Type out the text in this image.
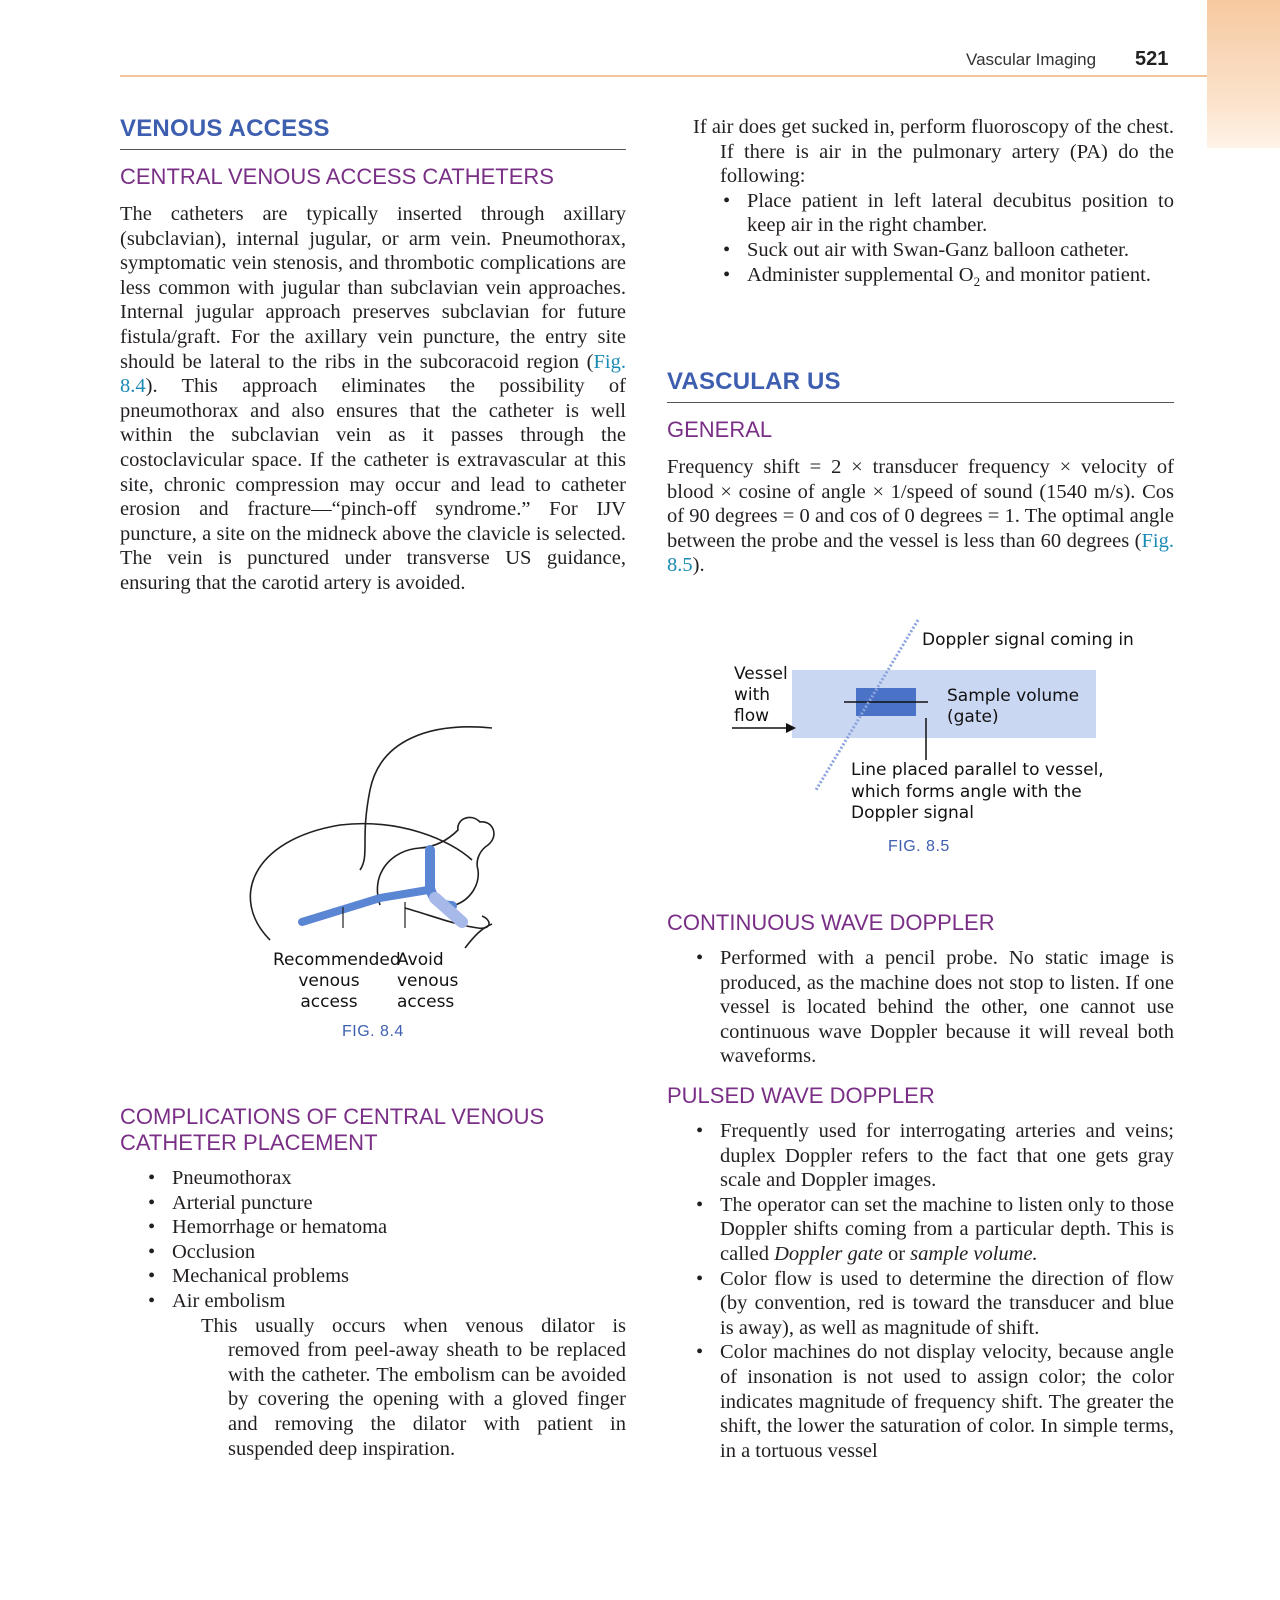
Vascular Imaging 521
VENOUS ACCESS
CENTRAL VENOUS ACCESS CATHETERS

The catheters are typically inserted through axillary (subclavian), internal jugular, or arm vein. Pneumothorax, symptomatic vein stenosis, and thrombotic complications are less common with jugular than subclavian vein approaches. Internal jugular approach preserves subclavian for future fistula/graft. For the axillary vein puncture, the entry site should be lateral to the ribs in the subcoracoid region (Fig. 8.4). This approach eliminates the possibility of pneumothorax and also ensures that the catheter is well within the subclavian vein as it passes through the costoclavicular space. If the catheter is extravascular at this site, chronic compression may occur and lead to catheter erosion and fracture—“pinch-off syndrome.” For IJV puncture, a site on the midneck above the clavicle is selected. The vein is punctured under transverse US guidance, ensuring that the carotid artery is avoided.

Recommended
venous access
Avoid
venous
access
FIG. 8.4
COMPLICATIONS OF CENTRAL VENOUS
CATHETER PLACEMENT
• Pneumothorax
• Arterial puncture
• Hemorrhage or hematoma
• Occlusion
• Mechanical problems
• Air embolism

This usually occurs when venous dilator is removed from peel-away sheath to be replaced with the catheter. The embolism can be avoided by covering the opening with a gloved finger and removing the dilator with patient in suspended deep inspiration.

If air does get sucked in, perform fluoroscopy of the chest. If there is air in the pulmonary artery (PA) do the following:

• Place patient in left lateral decubitus position to keep air in the right chamber.
• Suck out air with Swan-Ganz balloon catheter.
• Administer supplemental $O_2$ and monitor patient.
VASCULAR US
GENERAL

Frequency shift = 2 × transducer frequency × velocity of blood × cosine of angle × 1/speed of sound (1540 m/s). Cos of 90 degrees = 0 and cos of 0 degrees = 1. The optimal angle between the probe and the vessel is less than 60 degrees (Fig. 8.5).

Doppler signal coming in
Vessel
with
flow
Sample volume
(gate)
Line placed parallel to vessel,
which forms angle with the
Doppler signal
FIG. 8.5
CONTINUOUS WAVE DOPPLER
• Performed with a pencil probe. No static image is produced, as the machine does not stop to listen. If one vessel is located behind the other, one cannot use continuous wave Doppler because it will reveal both waveforms.
PULSED WAVE DOPPLER
• Frequently used for interrogating arteries and veins; duplex Doppler refers to the fact that one gets gray scale and Doppler images.
• The operator can set the machine to listen only to those Doppler shifts coming from a particular depth. This is called Doppler gate or sample volume.
• Color flow is used to determine the direction of flow (by convention, red is toward the transducer and blue is away), as well as magnitude of shift.
• Color machines do not display velocity, because angle of insonation is not used to assign color; the color indicates magnitude of frequency shift. The greater the shift, the lower the saturation of color. In simple terms, in a tortuous vessel
